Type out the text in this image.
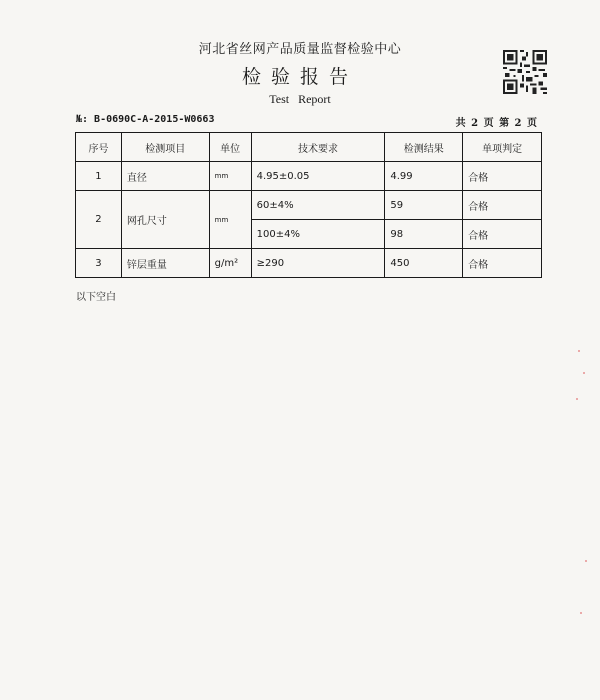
河北省丝网产品质量监督检验中心
检验报告
Test Report
№: B-0690C-A-2015-W0663	共 2 页 第 2 页
序号	检测项目	单位	技术要求	检测结果	单项判定
1	直径	mm	4.95±0.05	4.99	合格
2	网孔尺寸	mm	60±4%	59	合格
			100±4%	98	合格
3	锌层重量	g/m²	≥290	450	合格
以下空白
